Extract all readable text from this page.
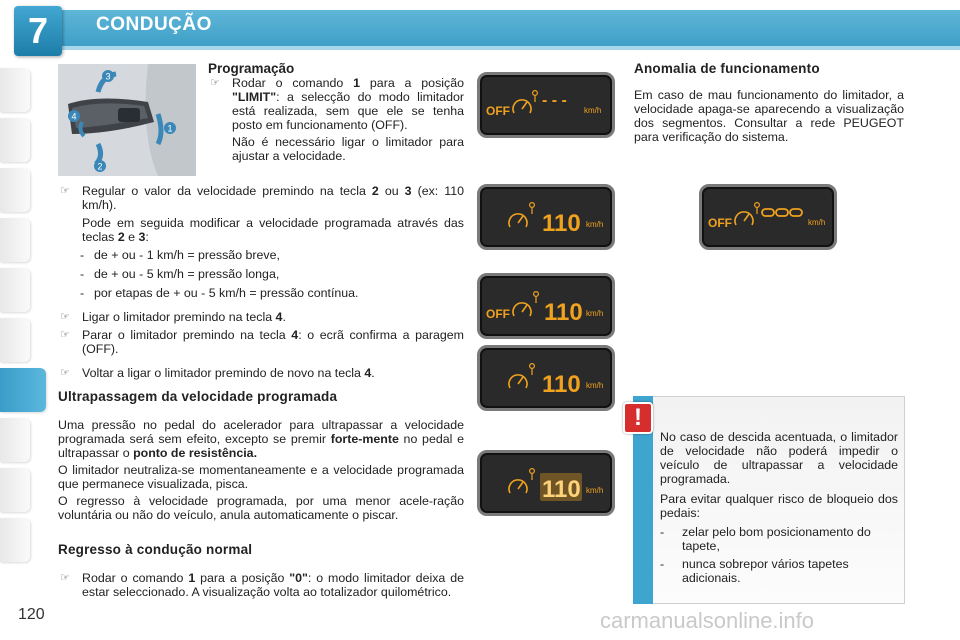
7	CONDUÇÃO
3
4
1
2
Programação
☞ Rodar o comando 1 para a posição "LIMIT": a selecção do modo limitador está realizada, sem que ele se tenha posto em funcionamento (OFF).

Não é necessário ligar o limitador para ajustar a velocidade.

☞ Regular o valor da velocidade premindo na tecla 2 ou 3 (ex: 110 km/h).

Pode em seguida modificar a velocidade programada através das teclas 2 e 3:

- de + ou - 1 km/h = pressão breve,
- de + ou - 5 km/h = pressão longa,
- por etapas de + ou - 5 km/h = pressão contínua.
☞ Ligar o limitador premindo na tecla 4.
☞ Parar o limitador premindo na tecla 4: o ecrã confirma a paragem (OFF).
☞ Voltar a ligar o limitador premindo de novo na tecla 4.
Ultrapassagem da velocidade programada

Uma pressão no pedal do acelerador para ultrapassar a velocidade programada será sem efeito, excepto se premir forte-mente no pedal e ultrapassar o ponto de resistência.

O limitador neutraliza-se momentaneamente e a velocidade programada que permanece visualizada, pisca.

O regresso à velocidade programada, por uma menor acele-ração voluntária ou não do veículo, anula automaticamente o piscar.

Regresso à condução normal
☞ Rodar o comando 1 para a posição "0": o modo limitador deixa de estar seleccionado. A visualização volta ao totalizador quilométrico.
Anomalia de funcionamento

Em caso de mau funcionamento do limitador, a velocidade apaga-se aparecendo a visualização dos segmentos. Consultar a rede PEUGEOT para verificação do sistema.

OFF
- - -
km/h
110 km/h
OFF 110 km/h
110 km/h
110 km/h
OFF	km/h
!

No caso de descida acentuada, o limitador de velocidade não poderá impedir o veículo de ultrapassar a velocidade programada.

Para evitar qualquer risco de bloqueio dos pedais:

- zelar pelo bom posicionamento do tapete,
- nunca sobrepor vários tapetes adicionais.
120	carmanualsonline.info
